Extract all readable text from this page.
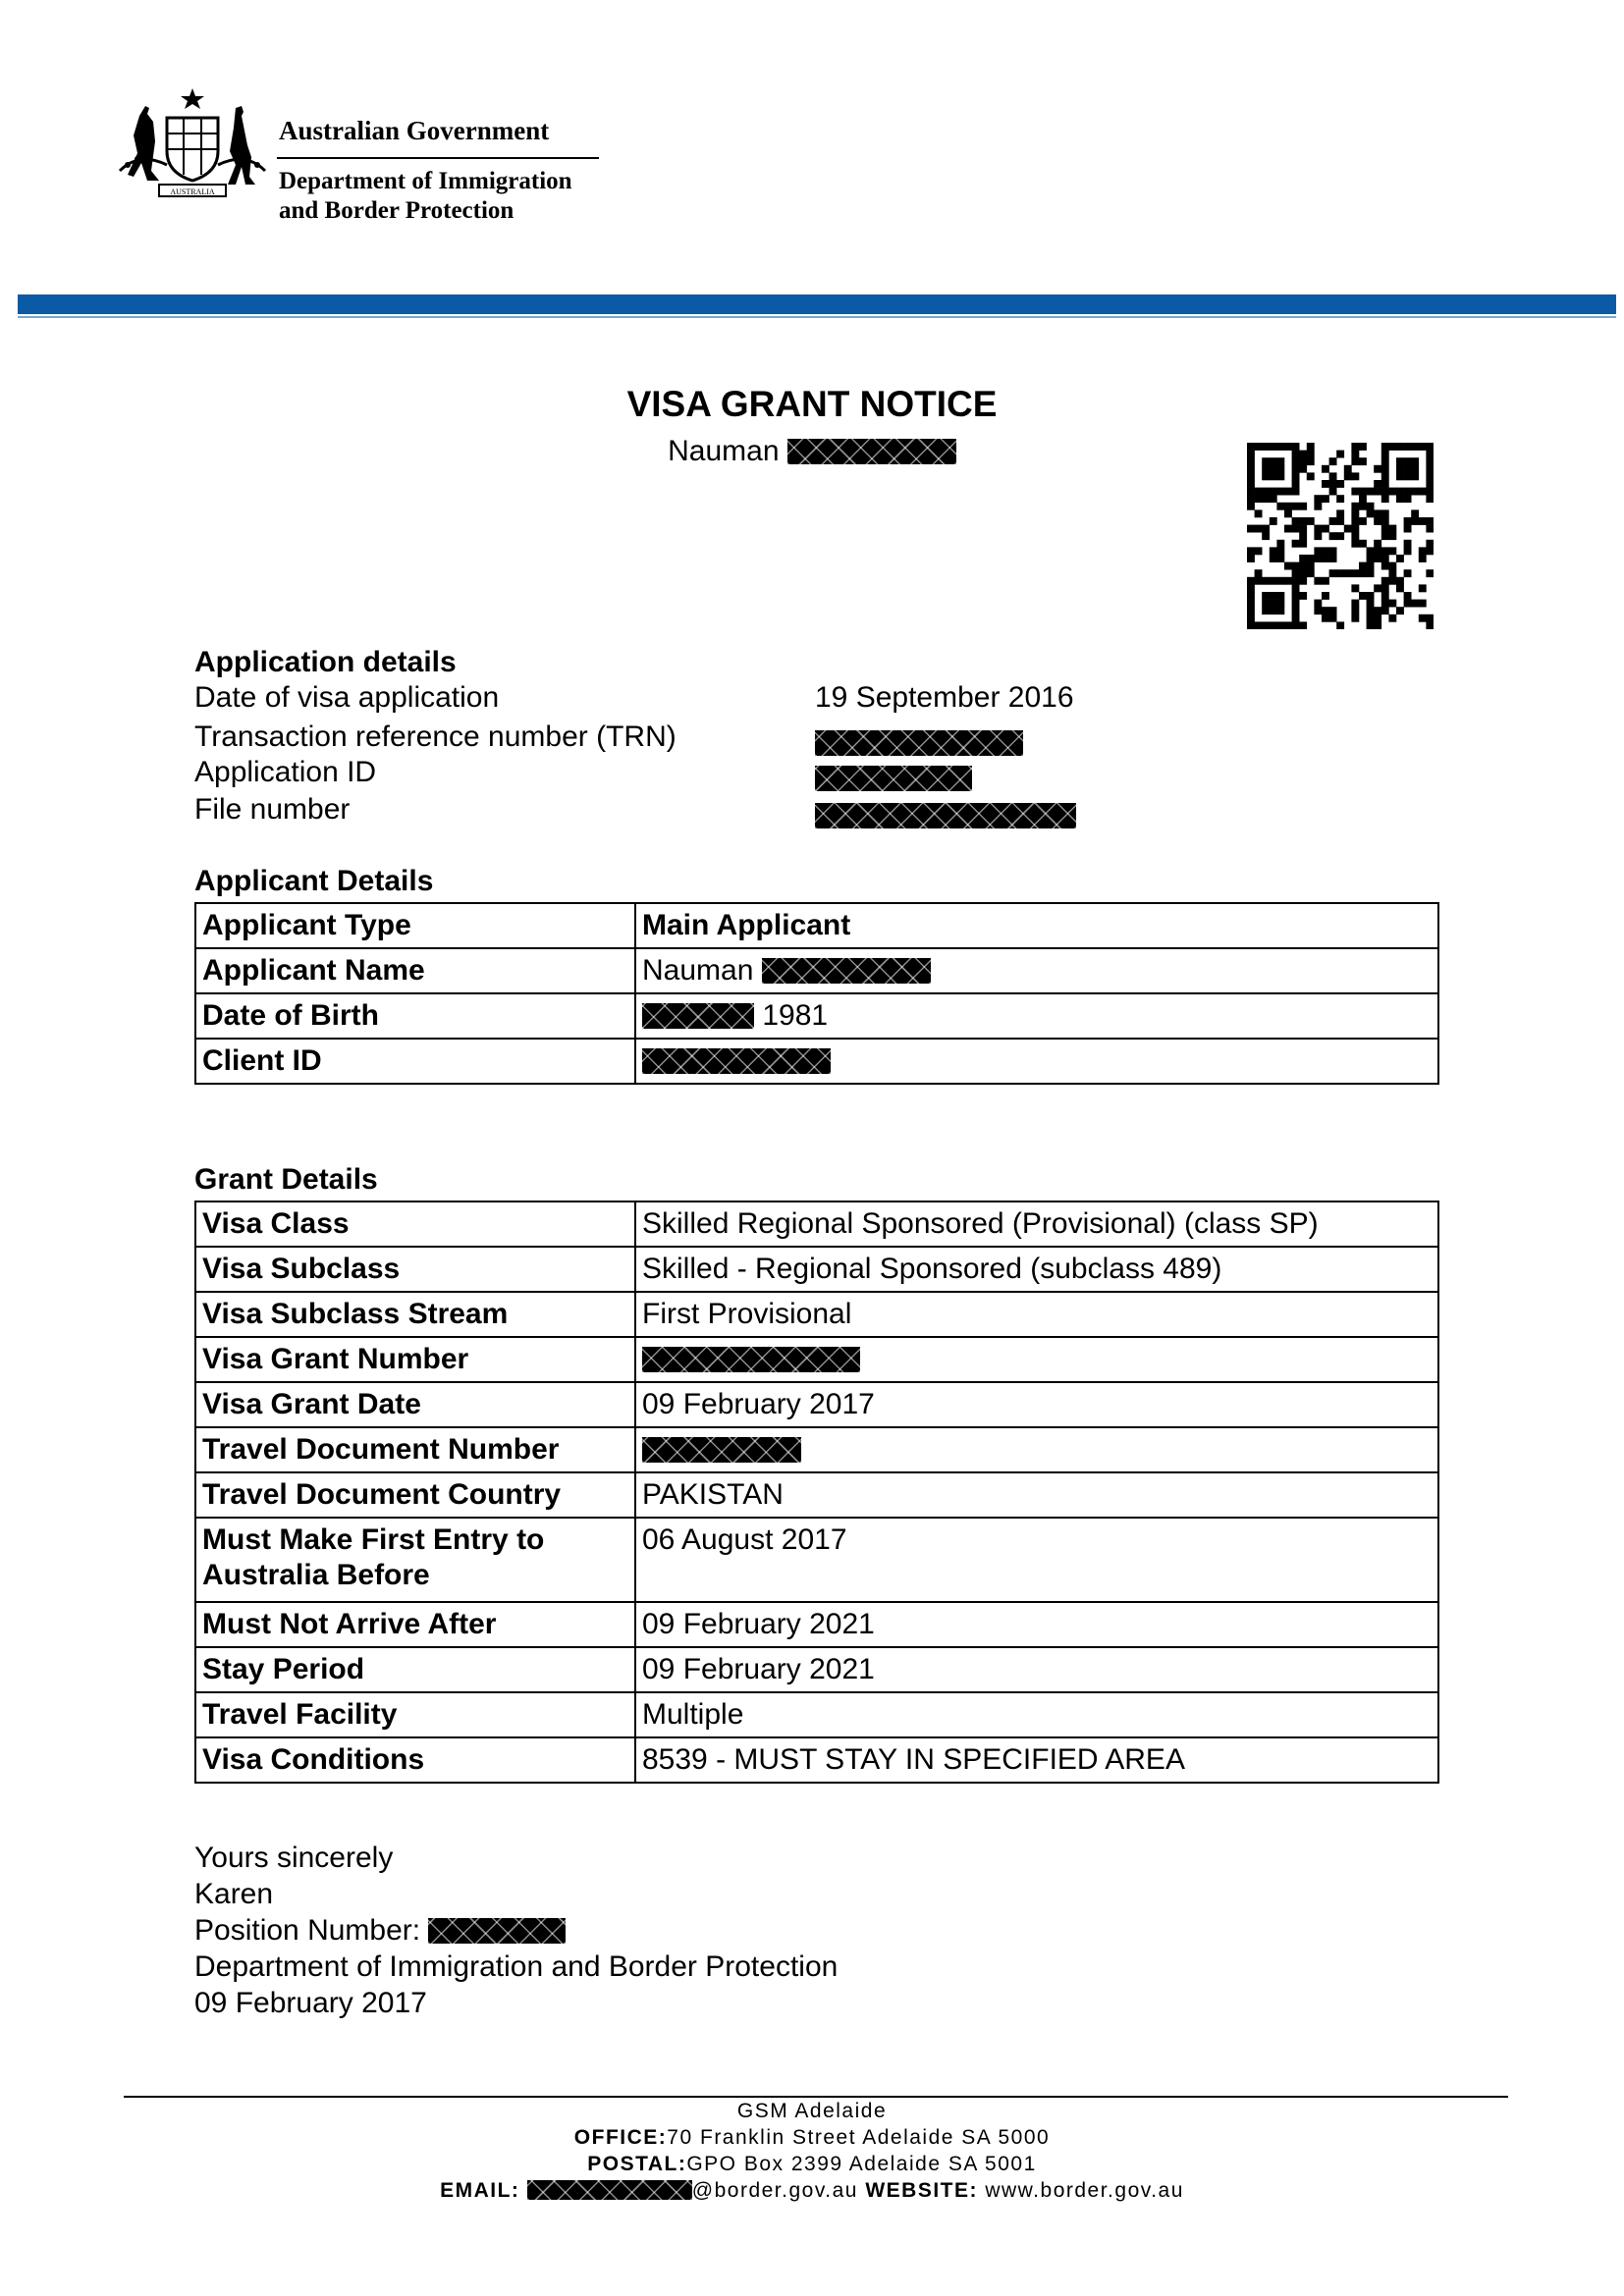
AUSTRALIA
Australian Government
Department of Immigration
and Border Protection
VISA GRANT NOTICE
Nauman
Application details
Date of visa application	19 September 2016
Transaction reference number (TRN)
Application ID
File number
Applicant Details
Applicant Type	Main Applicant
Applicant Name	Nauman
Date of Birth	1981
Client ID	
Grant Details
Visa Class	Skilled Regional Sponsored (Provisional) (class SP)
Visa Subclass	Skilled - Regional Sponsored (subclass 489)
Visa Subclass Stream	First Provisional
Visa Grant Number	
Visa Grant Date	09 February 2017
Travel Document Number	
Travel Document Country	PAKISTAN
Must Make First Entry to Australia Before	06 August 2017
Must Not Arrive After	09 February 2021
Stay Period	09 February 2021
Travel Facility	Multiple
Visa Conditions	8539 - MUST STAY IN SPECIFIED AREA
Yours sincerely
Karen
Position Number:
Department of Immigration and Border Protection
09 February 2017
GSM Adelaide
OFFICE:70 Franklin Street Adelaide SA 5000
POSTAL:GPO Box 2399 Adelaide SA 5001
EMAIL:	@border.gov.au WEBSITE: www.border.gov.au
